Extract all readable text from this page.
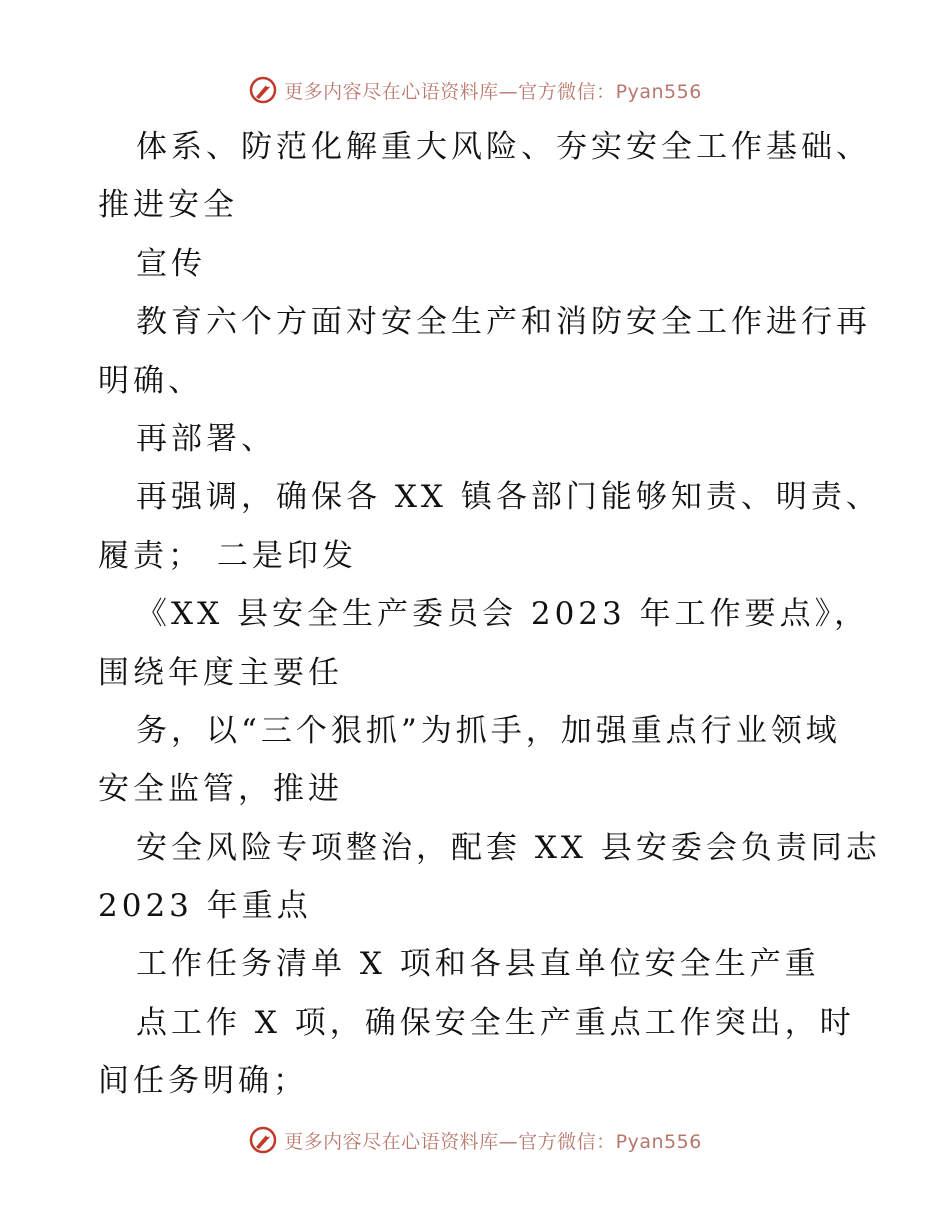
更多内容尽在心语资料库—官方微信：Pyan556
体系、防范化解重大风险、夯实安全工作基础、
推进安全
宣传
教育六个方面对安全生产和消防安全工作进行再
明确、
再部署、
再强调，确保各 XX 镇各部门能够知责、明责、
履责； 二是印发
《XX 县安全生产委员会 2023 年工作要点》，
围绕年度主要任
务，以“三个狠抓”为抓手，加强重点行业领域
安全监管，推进
安全风险专项整治，配套 XX 县安委会负责同志
2023 年重点
工作任务清单 X 项和各县直单位安全生产重
点工作 X 项，确保安全生产重点工作突出，时
间任务明确；
更多内容尽在心语资料库—官方微信：Pyan556
